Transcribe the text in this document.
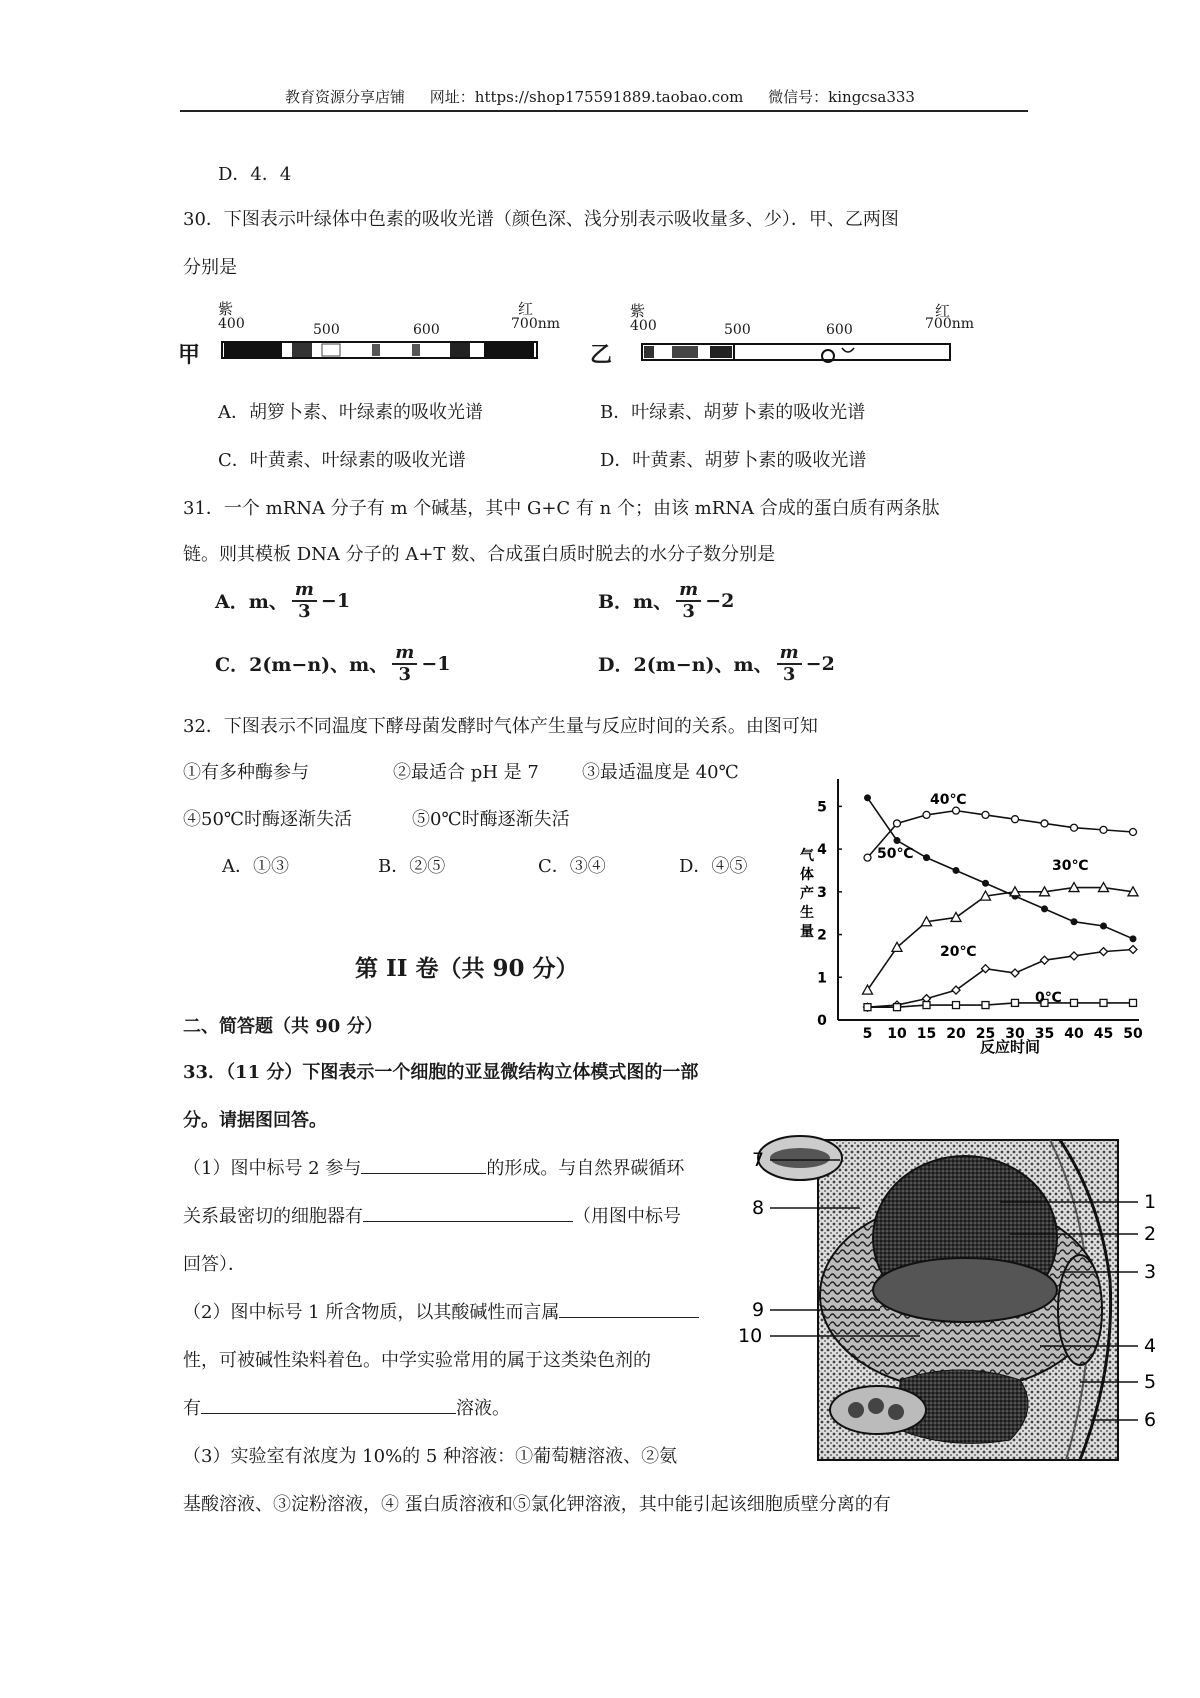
教育资源分享店铺 网址：https://shop175591889.taobao.com 微信号：kingcsa333
D．4．4
30．下图表示叶绿体中色素的吸收光谱（颜色深、浅分别表示吸收量多、少）．甲、乙两图
分别是
甲
紫	红
400	500	600	700nm
乙
紫	红
400	500	600	700nm
A．胡箩卜素、叶绿素的吸收光谱	B．叶绿素、胡萝卜素的吸收光谱
C．叶黄素、叶绿素的吸收光谱	D．叶黄素、胡萝卜素的吸收光谱
31．一个 mRNA 分子有 m 个碱基，其中 G+C 有 n 个；由该 mRNA 合成的蛋白质有两条肽
链。则其模板 DNA 分子的 A+T 数、合成蛋白质时脱去的水分子数分别是
A．m、 $\frac{m}{3} -1$	B．m、 $\frac{m}{3} -2$
C．2(m−n)、m、 $\frac{m}{3} -1$	D．2(m−n)、m、 $\frac{m}{3} -2$
32．下图表示不同温度下酵母菌发酵时气体产生量与反应时间的关系。由图可知
①有多种酶参与	②最适合 pH 是 7 ③最适温度是 40℃
④50℃时酶逐渐失活	⑤0℃时酶逐渐失活
A．①③	B．②⑤	C．③④	D．④⑤
0
1
2
3
4
5
5 10 15 20 25 30 35 40 45 50
40℃
50℃
30℃
20℃
0℃
气体产生量
反应时间
第 II 卷（共 90 分）
二、简答题（共 90 分）
33．（11 分）下图表示一个细胞的亚显微结构立体模式图的一部
分。请据图回答。
（1）图中标号 2 参与	的形成。与自然界碳循环
关系最密切的细胞器有	（用图中标号
回答）．
（2）图中标号 1 所含物质，以其酸碱性而言属
性，可被碱性染料着色。中学实验常用的属于这类染色剂的
有	溶液。
（3）实验室有浓度为 10%的 5 种溶液：①葡萄糖溶液、②氨
基酸溶液、③淀粉溶液，④ 蛋白质溶液和⑤氯化钾溶液，其中能引起该细胞质壁分离的有
1
2
3
4
5
6
7
8
9
10
